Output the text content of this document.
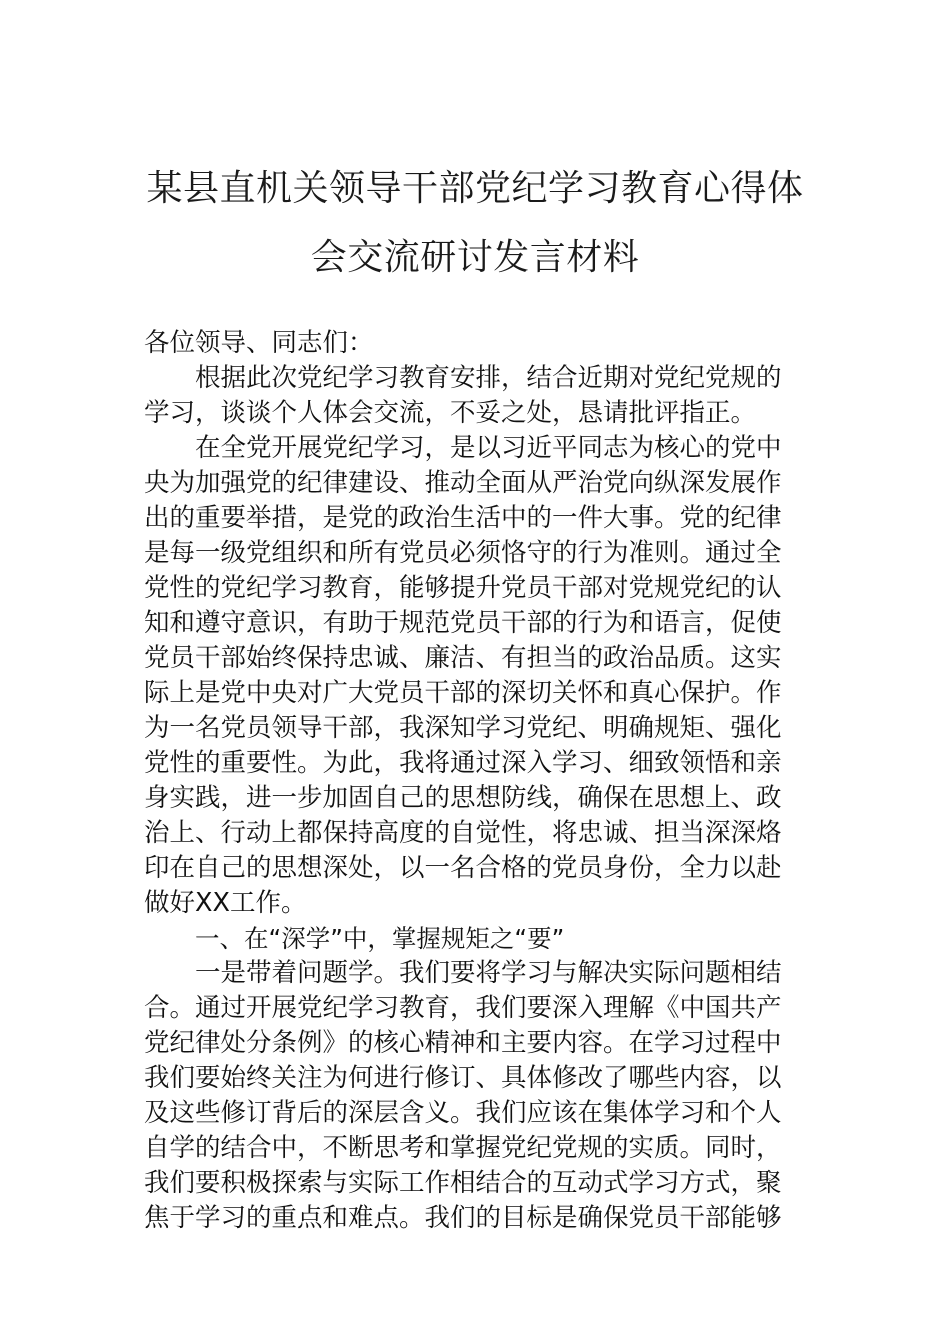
某县直机关领导干部党纪学习教育心得体
会交流研讨发言材料
各位领导、同志们：
根据此次党纪学习教育安排，结合近期对党纪党规的
学习，谈谈个人体会交流，不妥之处，恳请批评指正。
在全党开展党纪学习，是以习近平同志为核心的党中
央为加强党的纪律建设、推动全面从严治党向纵深发展作
出的重要举措，是党的政治生活中的一件大事。党的纪律
是每一级党组织和所有党员必须恪守的行为准则。通过全
党性的党纪学习教育，能够提升党员干部对党规党纪的认
知和遵守意识，有助于规范党员干部的行为和语言，促使
党员干部始终保持忠诚、廉洁、有担当的政治品质。这实
际上是党中央对广大党员干部的深切关怀和真心保护。作
为一名党员领导干部，我深知学习党纪、明确规矩、强化
党性的重要性。为此，我将通过深入学习、细致领悟和亲
身实践，进一步加固自己的思想防线，确保在思想上、政
治上、行动上都保持高度的自觉性，将忠诚、担当深深烙
印在自己的思想深处，以一名合格的党员身份，全力以赴
做好XX工作。
一、在“深学”中，掌握规矩之“要”
一是带着问题学。我们要将学习与解决实际问题相结
合。通过开展党纪学习教育，我们要深入理解《中国共产
党纪律处分条例》的核心精神和主要内容。在学习过程中
我们要始终关注为何进行修订、具体修改了哪些内容，以
及这些修订背后的深层含义。我们应该在集体学习和个人
自学的结合中，不断思考和掌握党纪党规的实质。同时，
我们要积极探索与实际工作相结合的互动式学习方式，聚
焦于学习的重点和难点。我们的目标是确保党员干部能够
